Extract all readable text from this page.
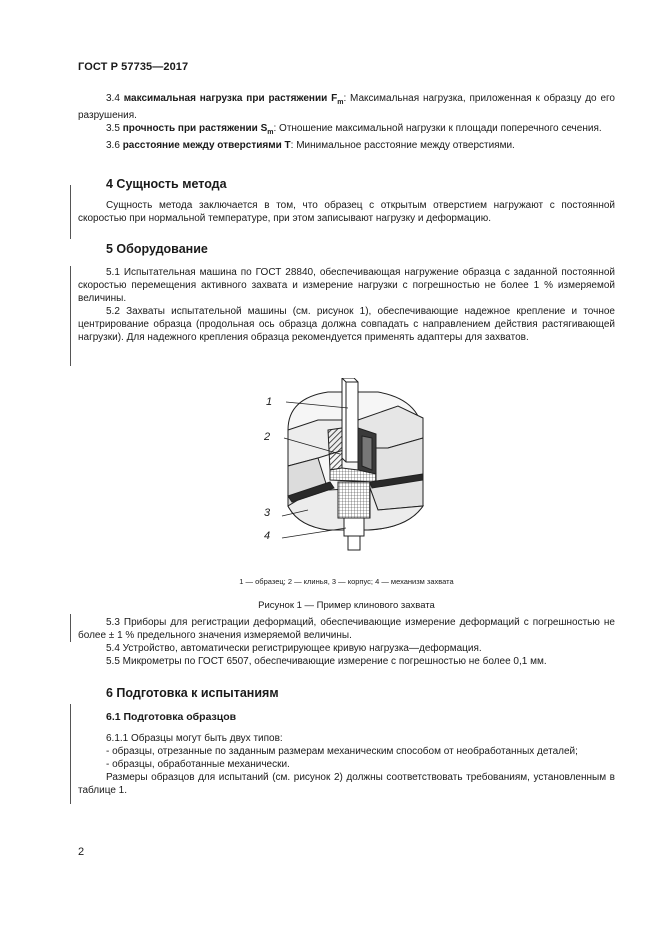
ГОСТ Р 57735—2017

3.4 максимальная нагрузка при растяжении $F_m$: Максимальная нагрузка, приложенная к образцу до его разрушения.

3.5 прочность при растяжении $S_m$: Отношение максимальной нагрузки к площади поперечного сечения.

3.6 расстояние между отверстиями T: Минимальное расстояние между отверстиями.

4 Сущность метода

Сущность метода заключается в том, что образец с открытым отверстием нагружают с постоянной скоростью при нормальной температуре, при этом записывают нагрузку и деформацию.

5 Оборудование

5.1 Испытательная машина по ГОСТ 28840, обеспечивающая нагружение образца с заданной постоянной скоростью перемещения активного захвата и измерение нагрузки с погрешностью не более 1 % измеряемой величины.

5.2 Захваты испытательной машины (см. рисунок 1), обеспечивающие надежное крепление и точное центрирование образца (продольная ось образца должна совпадать с направлением действия растягивающей нагрузки). Для надежного крепления образца рекомендуется применять адаптеры для захватов.

1
2
3
4
1 — образец; 2 — клинья, 3 — корпус; 4 — механизм захвата
Рисунок 1 — Пример клинового захвата

5.3 Приборы для регистрации деформаций, обеспечивающие измерение деформаций с погрешностью не более ± 1 % предельного значения измеряемой величины.

5.4 Устройство, автоматически регистрирующее кривую нагрузка—деформация.

5.5 Микрометры по ГОСТ 6507, обеспечивающие измерение с погрешностью не более 0,1 мм.

6 Подготовка к испытаниям
6.1 Подготовка образцов

6.1.1 Образцы могут быть двух типов:

- образцы, отрезанные по заданным размерам механическим способом от необработанных деталей;

- образцы, обработанные механически.

Размеры образцов для испытаний (см. рисунок 2) должны соответствовать требованиям, установленным в таблице 1.

2
